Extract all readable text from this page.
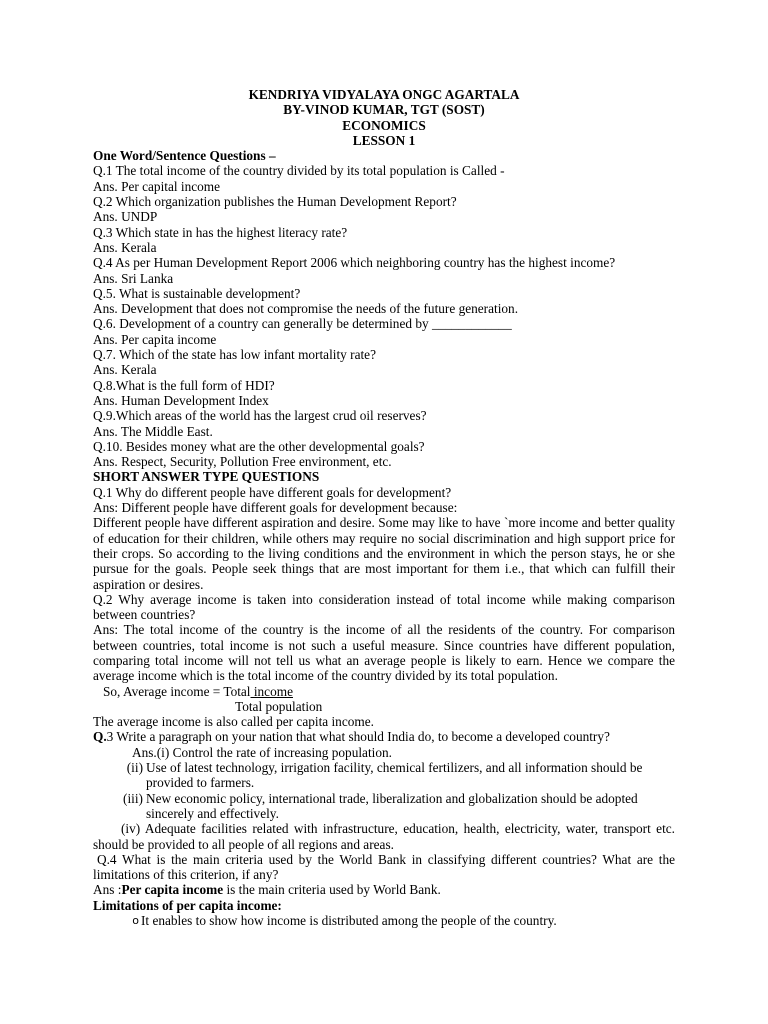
KENDRIYA VIDYALAYA ONGC AGARTALA
BY-VINOD KUMAR, TGT (SOST)
ECONOMICS
LESSON 1

One Word/Sentence Questions –

Q.1 The total income of the country divided by its total population is Called -

Ans. Per capital income

Q.2 Which organization publishes the Human Development Report?

Ans. UNDP

Q.3 Which state in has the highest literacy rate?

Ans. Kerala

Q.4 As per Human Development Report 2006 which neighboring country has the highest income?

Ans. Sri Lanka

Q.5. What is sustainable development?

Ans. Development that does not compromise the needs of the future generation.

Q.6. Development of a country can generally be determined by ____________

Ans. Per capita income

Q.7. Which of the state has low infant mortality rate?

Ans. Kerala

Q.8.What is the full form of HDI?

Ans. Human Development Index

Q.9.Which areas of the world has the largest crud oil reserves?

Ans. The Middle East.

Q.10. Besides money what are the other developmental goals?

Ans. Respect, Security, Pollution Free environment, etc.

SHORT ANSWER TYPE QUESTIONS

Q.1 Why do different people have different goals for development?

Ans: Different people have different goals for development because:

Different people have different aspiration and desire. Some may like to have `more income and better quality of education for their children, while others may require no social discrimination and high support price for their crops. So according to the living conditions and the environment in which the person stays, he or she pursue for the goals. People seek things that are most important for them i.e., that which can fulfill their aspiration or desires.

Q.2 Why average income is taken into consideration instead of total income while making comparison between countries?

Ans: The total income of the country is the income of all the residents of the country. For comparison between countries, total income is not such a useful measure. Since countries have different population, comparing total income will not tell us what an average people is likely to earn. Hence we compare the average income which is the total income of the country divided by its total population.

So, Average income = Total income

Total population

The average income is also called per capita income.

Q.3 Write a paragraph on your nation that what should India do, to become a developed country?

Ans.(i) Control the rate of increasing population.

(ii) Use of latest technology, irrigation facility, chemical fertilizers, and all information should be provided to farmers.
(iii) New economic policy, international trade, liberalization and globalization should be adopted sincerely and effectively.

(iv) Adequate facilities related with infrastructure, education, health, electricity, water, transport etc. should be provided to all people of all regions and areas.

Q.4 What is the main criteria used by the World Bank in classifying different countries? What are the limitations of this criterion, if any?

Ans :Per capita income is the main criteria used by World Bank.

Limitations of per capita income:

o It enables to show how income is distributed among the people of the country.
